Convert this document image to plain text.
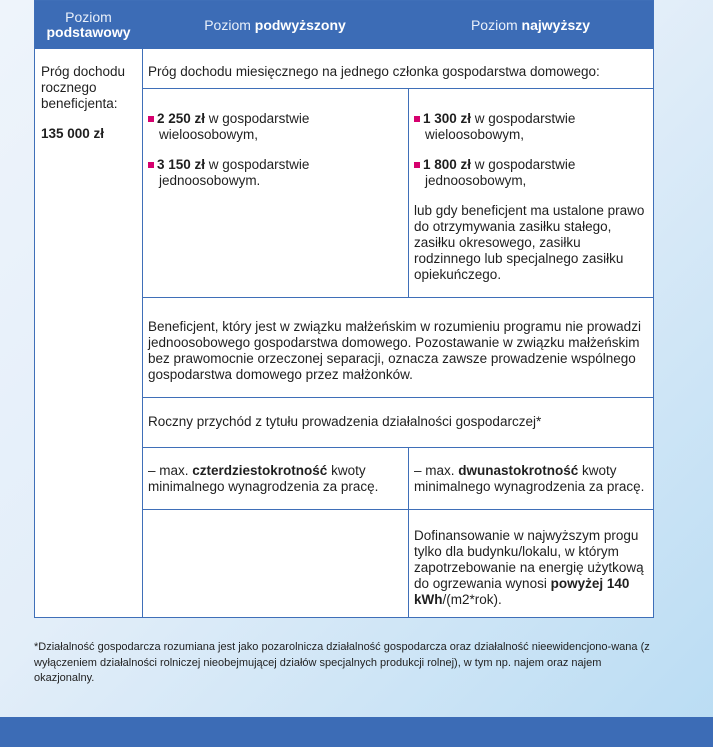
Poziom
podstawowy	Poziom podwyższony	Poziom najwyższy
Próg dochodu rocznego beneficjenta:
135 000 zł
Próg dochodu miesięcznego na jednego członka gospodarstwa domowego:
2 250 zł w gospodarstwie
wieloosobowym,
3 150 zł w gospodarstwie
jednoosobowym.
1 300 zł w gospodarstwie
wieloosobowym,
1 800 zł w gospodarstwie
jednoosobowym,
lub gdy beneficjent ma ustalone prawo do otrzymywania zasiłku stałego, zasiłku okresowego, zasiłku rodzinnego lub specjalnego zasiłku opiekuńczego.
Beneficjent, który jest w związku małżeńskim w rozumieniu programu nie prowadzi jednoosobowego gospodarstwa domowego. Pozostawanie w związku małżeńskim bez prawomocnie orzeczonej separacji, oznacza zawsze prowadzenie wspólnego gospodarstwa domowego przez małżonków.
Roczny przychód z tytułu prowadzenia działalności gospodarczej*
– max. czterdziestokrotność kwoty minimalnego wynagrodzenia za pracę.
– max. dwunastokrotność kwoty minimalnego wynagrodzenia za pracę.
Dofinansowanie w najwyższym progu tylko dla budynku/lokalu, w którym zapotrzebowanie na energię użytkową do ogrzewania wynosi powyżej 140 kWh/(m2*rok).
*Działalność gospodarcza rozumiana jest jako pozarolnicza działalność gospodarcza oraz działalność nieewidencjono-wana (z wyłączeniem działalności rolniczej nieobejmującej działów specjalnych produkcji rolnej), w tym np. najem oraz najem okazjonalny.
